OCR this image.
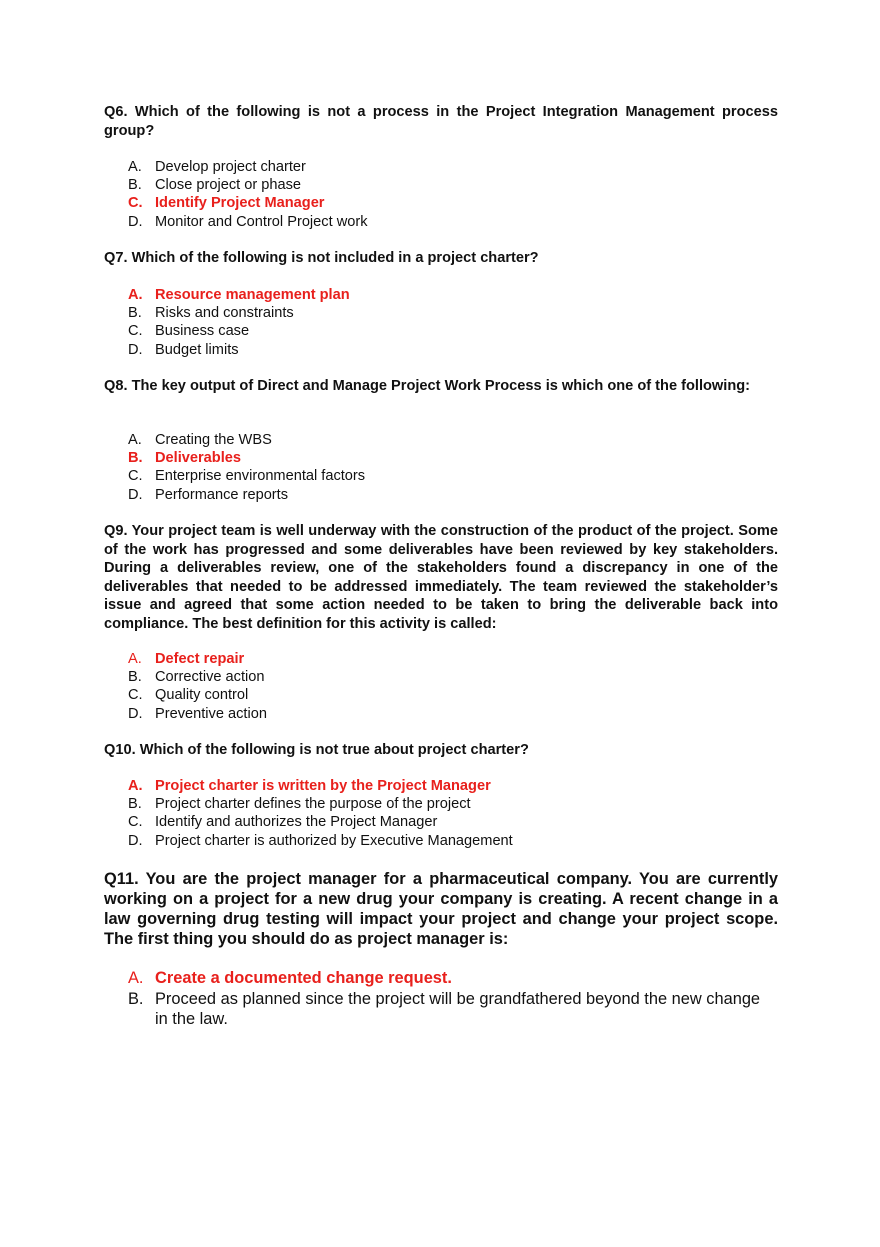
Q6. Which of the following is not a process in the Project Integration Management process group?

A. Develop project charter
B. Close project or phase
C. Identify Project Manager
D. Monitor and Control Project work

Q7. Which of the following is not included in a project charter?

A. Resource management plan
B. Risks and constraints
C. Business case
D. Budget limits

Q8. The key output of Direct and Manage Project Work Process is which one of the following:

A. Creating the WBS
B. Deliverables
C. Enterprise environmental factors
D. Performance reports

Q9. Your project team is well underway with the construction of the product of the project. Some of the work has progressed and some deliverables have been reviewed by key stakeholders. During a deliverables review, one of the stakeholders found a discrepancy in one of the deliverables that needed to be addressed immediately. The team reviewed the stakeholder’s issue and agreed that some action needed to be taken to bring the deliverable back into compliance. The best definition for this activity is called:

A. Defect repair
B. Corrective action
C. Quality control
D. Preventive action

Q10. Which of the following is not true about project charter?

A. Project charter is written by the Project Manager
B. Project charter defines the purpose of the project
C. Identify and authorizes the Project Manager
D. Project charter is authorized by Executive Management

Q11. You are the project manager for a pharmaceutical company. You are currently working on a project for a new drug your company is creating. A recent change in a law governing drug testing will impact your project and change your project scope. The first thing you should do as project manager is:

A. Create a documented change request.
B. Proceed as planned since the project will be grandfathered beyond the new change in the law.
